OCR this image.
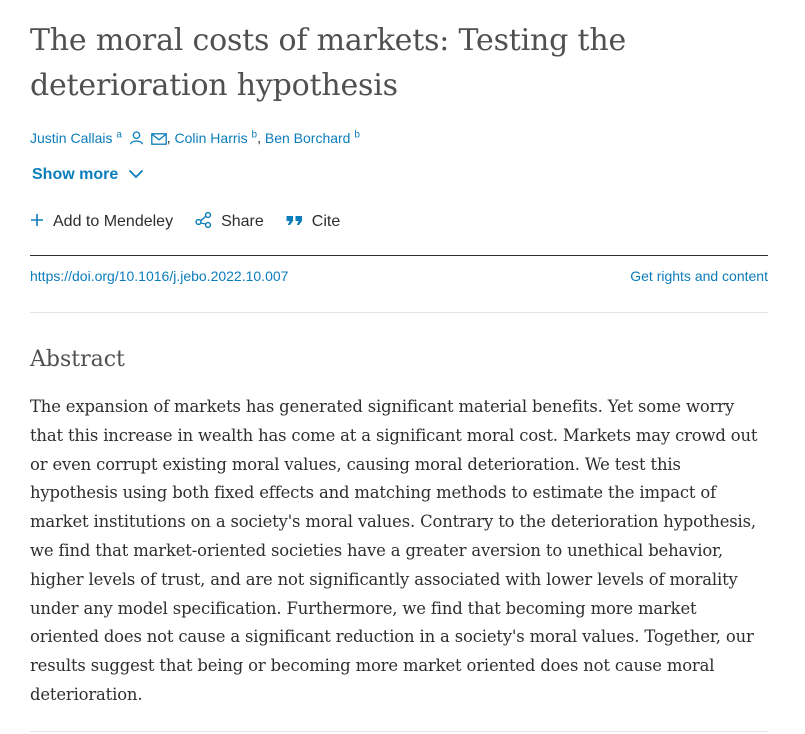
The moral costs of markets: Testing the deterioration hypothesis
Justin Callais $^a$	, Colin Harris $^b$, Ben Borchard $^b$
Show more
Add to Mendeley	Share	Cite
https://doi.org/10.1016/j.jebo.2022.10.007	Get rights and content
Abstract

The expansion of markets has generated significant material benefits. Yet some worry that this increase in wealth has come at a significant moral cost. Markets may crowd out or even corrupt existing moral values, causing moral deterioration. We test this hypothesis using both fixed effects and matching methods to estimate the impact of market institutions on a society's moral values. Contrary to the deterioration hypothesis, we find that market-oriented societies have a greater aversion to unethical behavior, higher levels of trust, and are not significantly associated with lower levels of morality under any model specification. Furthermore, we find that becoming more market oriented does not cause a significant reduction in a society's moral values. Together, our results suggest that being or becoming more market oriented does not cause moral deterioration.
